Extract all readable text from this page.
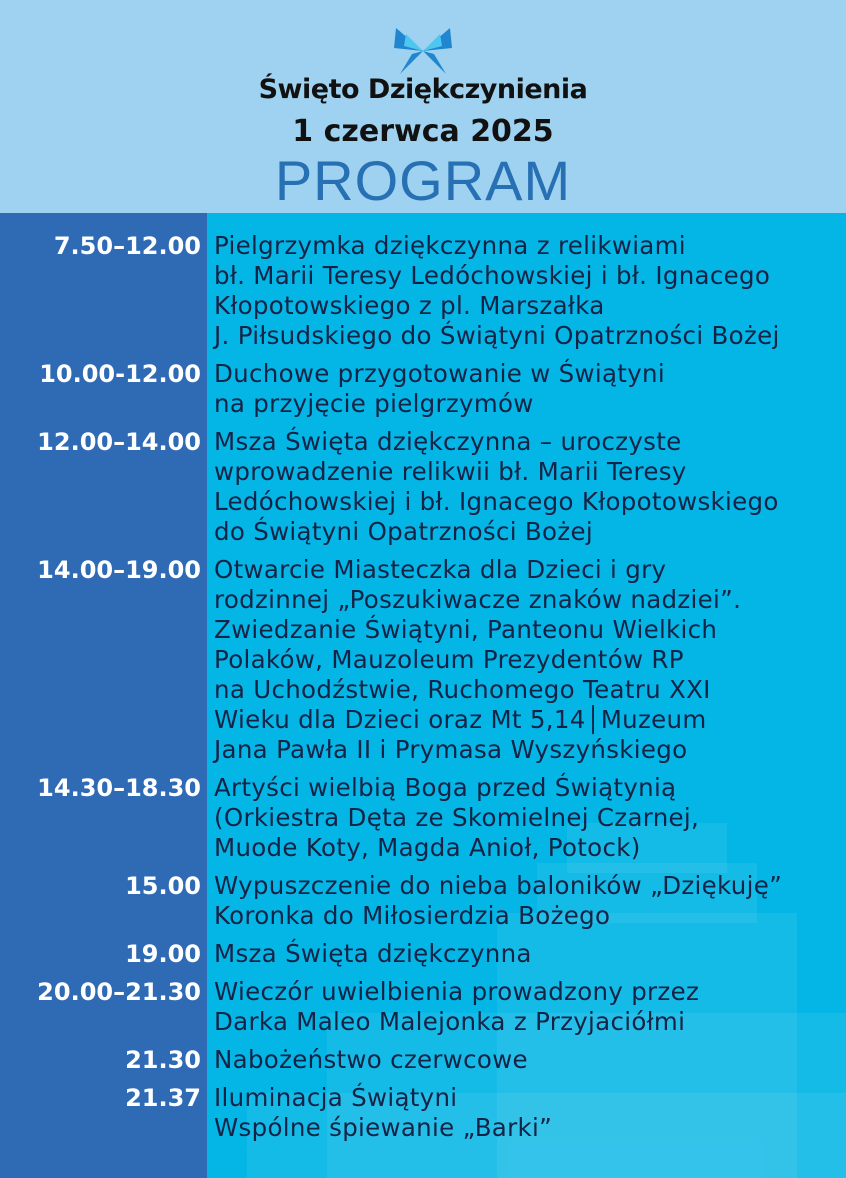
Święto Dziękczynienia
1 czerwca 2025
PROGRAM
7.50–12.00 Pielgrzymka dziękczynna z relikwiami
bł. Marii Teresy Ledóchowskiej i bł. Ignacego
Kłopotowskiego z pl. Marszałka
J. Piłsudskiego do Świątyni Opatrzności Bożej
10.00-12.00 Duchowe przygotowanie w Świątyni
na przyjęcie pielgrzymów
12.00–14.00 Msza Święta dziękczynna – uroczyste
wprowadzenie relikwii bł. Marii Teresy
Ledóchowskiej i bł. Ignacego Kłopotowskiego
do Świątyni Opatrzności Bożej
14.00–19.00 Otwarcie Miasteczka dla Dzieci i gry
rodzinnej „Poszukiwacze znaków nadziei”.
Zwiedzanie Świątyni, Panteonu Wielkich
Polaków, Mauzoleum Prezydentów RP
na Uchodźstwie, Ruchomego Teatru XXI
Wieku dla Dzieci oraz Mt 5,14│Muzeum
Jana Pawła II i Prymasa Wyszyńskiego
14.30–18.30 Artyści wielbią Boga przed Świątynią
(Orkiestra Dęta ze Skomielnej Czarnej,
Muode Koty, Magda Anioł, Potock)
15.00 Wypuszczenie do nieba baloników „Dziękuję”
Koronka do Miłosierdzia Bożego
19.00 Msza Święta dziękczynna
20.00–21.30 Wieczór uwielbienia prowadzony przez
Darka Maleo Malejonka z Przyjaciółmi
21.30 Nabożeństwo czerwcowe
21.37 Iluminacja Świątyni
Wspólne śpiewanie „Barki”
